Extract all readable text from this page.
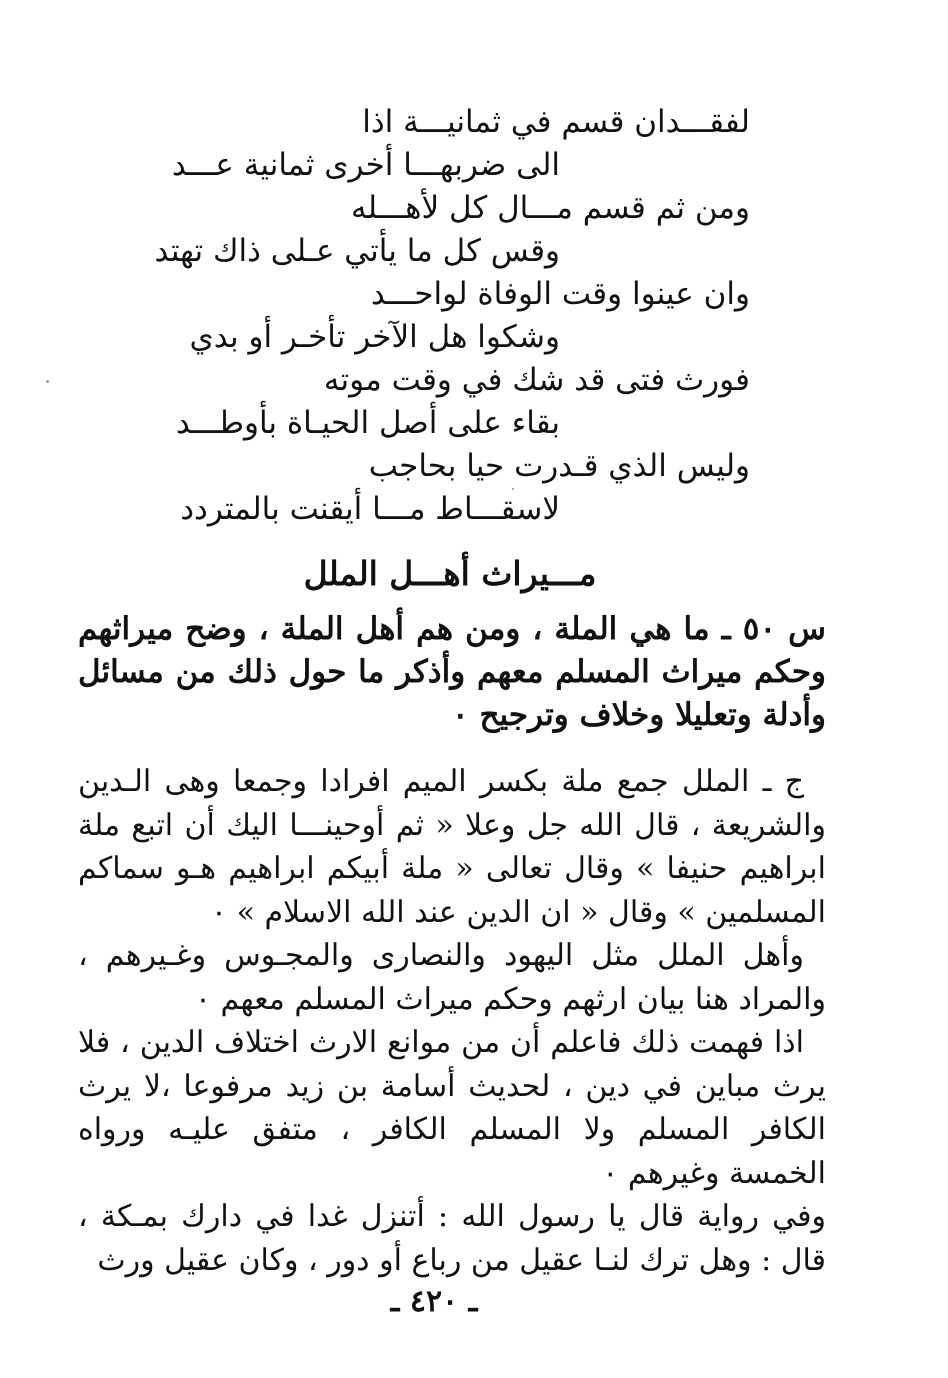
لفقـــدان قسم في ثمانيـــة اذا
الى ضربهـــا أخرى ثمانية عـــد
ومن ثم قسم مـــال كل لأهـــله
وقس كل ما يأتي عـلى ذاك تهتد
وان عينوا وقت الوفاة لواحـــد
وشكوا هل الآخر تأخـر أو بدي
فورث فتى قد شك في وقت موته
بقاء على أصل الحيـاة بأوطـــد
وليس الذي قـدرت حيا بحاجب
لاسقـــاط مـــا أيقنت بالمتردد
مـــيراث أهـــل الملل
س ٥٠ ـ ما هي الملة ، ومن هم أهل الملة ، وضح ميراثهم وحكم ميراث المسلم معهم وأذكر ما حول ذلك من مسائل وأدلة وتعليلا وخلاف وترجيح ٠

ج ـ الملل جمع ملة بكسر الميم افرادا وجمعا وهى الـدين والشريعة ، قال الله جل وعلا « ثم أوحينـــا اليك أن اتبع ملة ابراهيم حنيفا » وقال تعالى « ملة أبيكم ابراهيم هـو سماكم المسلمين » وقال « ان الدين عند الله الاسلام » ٠

وأهل الملل مثل اليهود والنصارى والمجـوس وغـيرهم ، والمراد هنا بيان ارثهم وحكم ميراث المسلم معهم ٠

اذا فهمت ذلك فاعلم أن من موانع الارث اختلاف الدين ، فلا يرث مباين في دين ، لحديث أسامة بن زيد مرفوعا ،لا يرث الكافر المسلم ولا المسلم الكافر ، متفق عليـه ورواه الخمسة وغيرهم ٠

وفي رواية قال يا رسول الله : أتنزل غدا في دارك بمـكة ، قال : وهل ترك لنـا عقيل من رباع أو دور ، وكان عقيل ورث

ـ ٤٢٠ ـ
